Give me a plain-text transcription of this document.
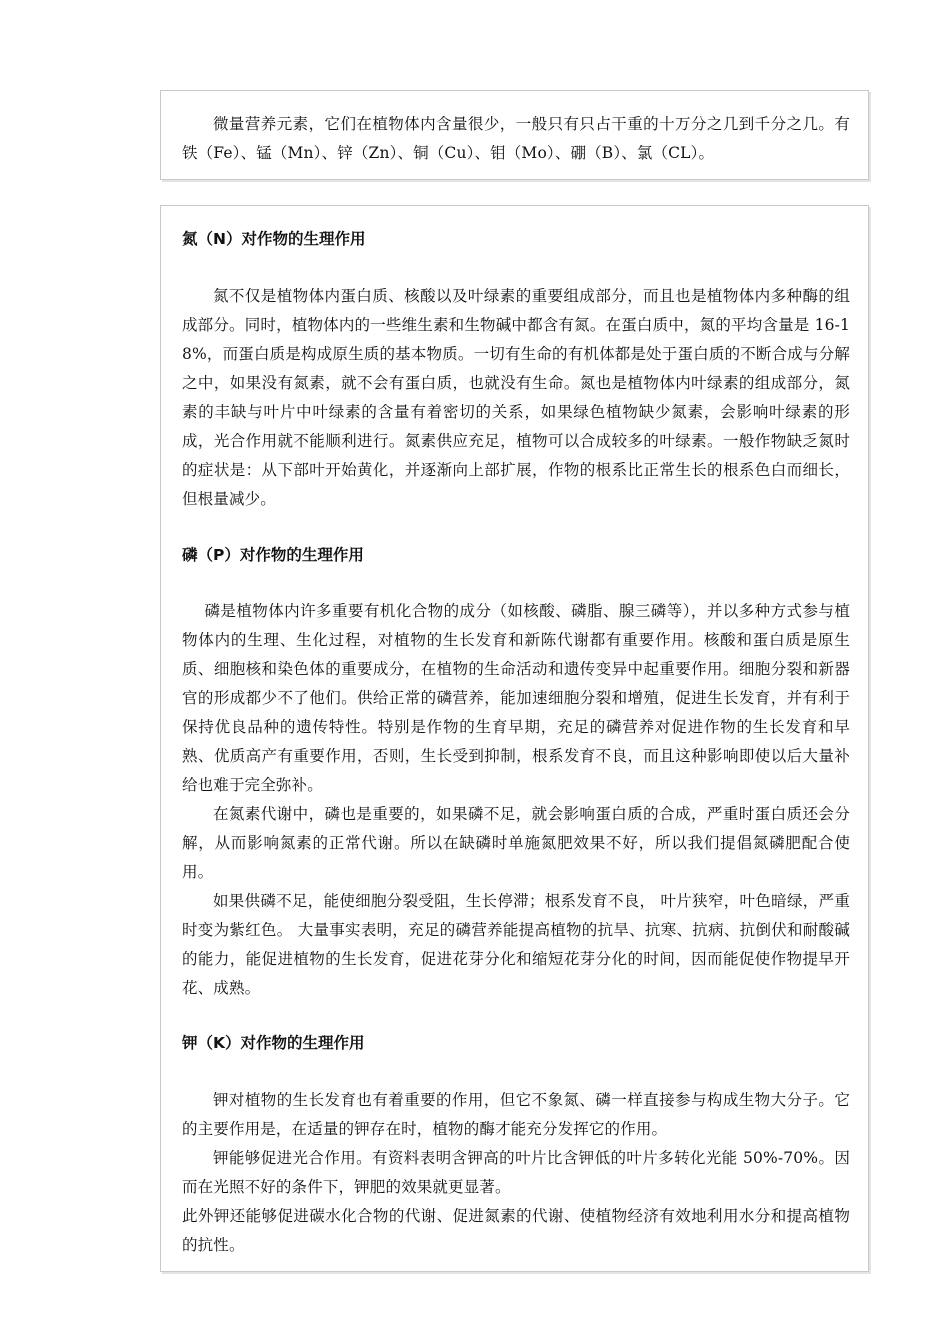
微量营养元素，它们在植物体内含量很少，一般只有只占干重的十万分之几到千分之几。有铁（Fe）、锰（Mn）、锌（Zn）、铜（Cu）、钼（Mo）、硼（B）、氯（CL）。

氮（N）对作物的生理作用

氮不仅是植物体内蛋白质、核酸以及叶绿素的重要组成部分，而且也是植物体内多种酶的组成部分。同时，植物体内的一些维生素和生物碱中都含有氮。在蛋白质中，氮的平均含量是 16-18%，而蛋白质是构成原生质的基本物质。一切有生命的有机体都是处于蛋白质的不断合成与分解之中，如果没有氮素，就不会有蛋白质，也就没有生命。氮也是植物体内叶绿素的组成部分，氮素的丰缺与叶片中叶绿素的含量有着密切的关系，如果绿色植物缺少氮素，会影响叶绿素的形成，光合作用就不能顺利进行。氮素供应充足，植物可以合成较多的叶绿素。一般作物缺乏氮时的症状是：从下部叶开始黄化，并逐渐向上部扩展，作物的根系比正常生长的根系色白而细长，但根量减少。

磷（P）对作物的生理作用

磷是植物体内许多重要有机化合物的成分（如核酸、磷脂、腺三磷等），并以多种方式参与植物体内的生理、生化过程，对植物的生长发育和新陈代谢都有重要作用。核酸和蛋白质是原生质、细胞核和染色体的重要成分，在植物的生命活动和遗传变异中起重要作用。细胞分裂和新器官的形成都少不了他们。供给正常的磷营养，能加速细胞分裂和增殖，促进生长发育，并有利于保持优良品种的遗传特性。特别是作物的生育早期，充足的磷营养对促进作物的生长发育和早熟、优质高产有重要作用，否则，生长受到抑制，根系发育不良，而且这种影响即使以后大量补给也难于完全弥补。

在氮素代谢中，磷也是重要的，如果磷不足，就会影响蛋白质的合成，严重时蛋白质还会分解，从而影响氮素的正常代谢。所以在缺磷时单施氮肥效果不好，所以我们提倡氮磷肥配合使用。

如果供磷不足，能使细胞分裂受阻，生长停滞；根系发育不良， 叶片狭窄，叶色暗绿，严重时变为紫红色。 大量事实表明，充足的磷营养能提高植物的抗旱、抗寒、抗病、抗倒伏和耐酸碱的能力，能促进植物的生长发育，促进花芽分化和缩短花芽分化的时间，因而能促使作物提早开花、成熟。

钾（K）对作物的生理作用

钾对植物的生长发育也有着重要的作用，但它不象氮、磷一样直接参与构成生物大分子。它的主要作用是，在适量的钾存在时，植物的酶才能充分发挥它的作用。

钾能够促进光合作用。有资料表明含钾高的叶片比含钾低的叶片多转化光能 50%-70%。因而在光照不好的条件下，钾肥的效果就更显著。

此外钾还能够促进碳水化合物的代谢、促进氮素的代谢、使植物经济有效地利用水分和提高植物的抗性。
